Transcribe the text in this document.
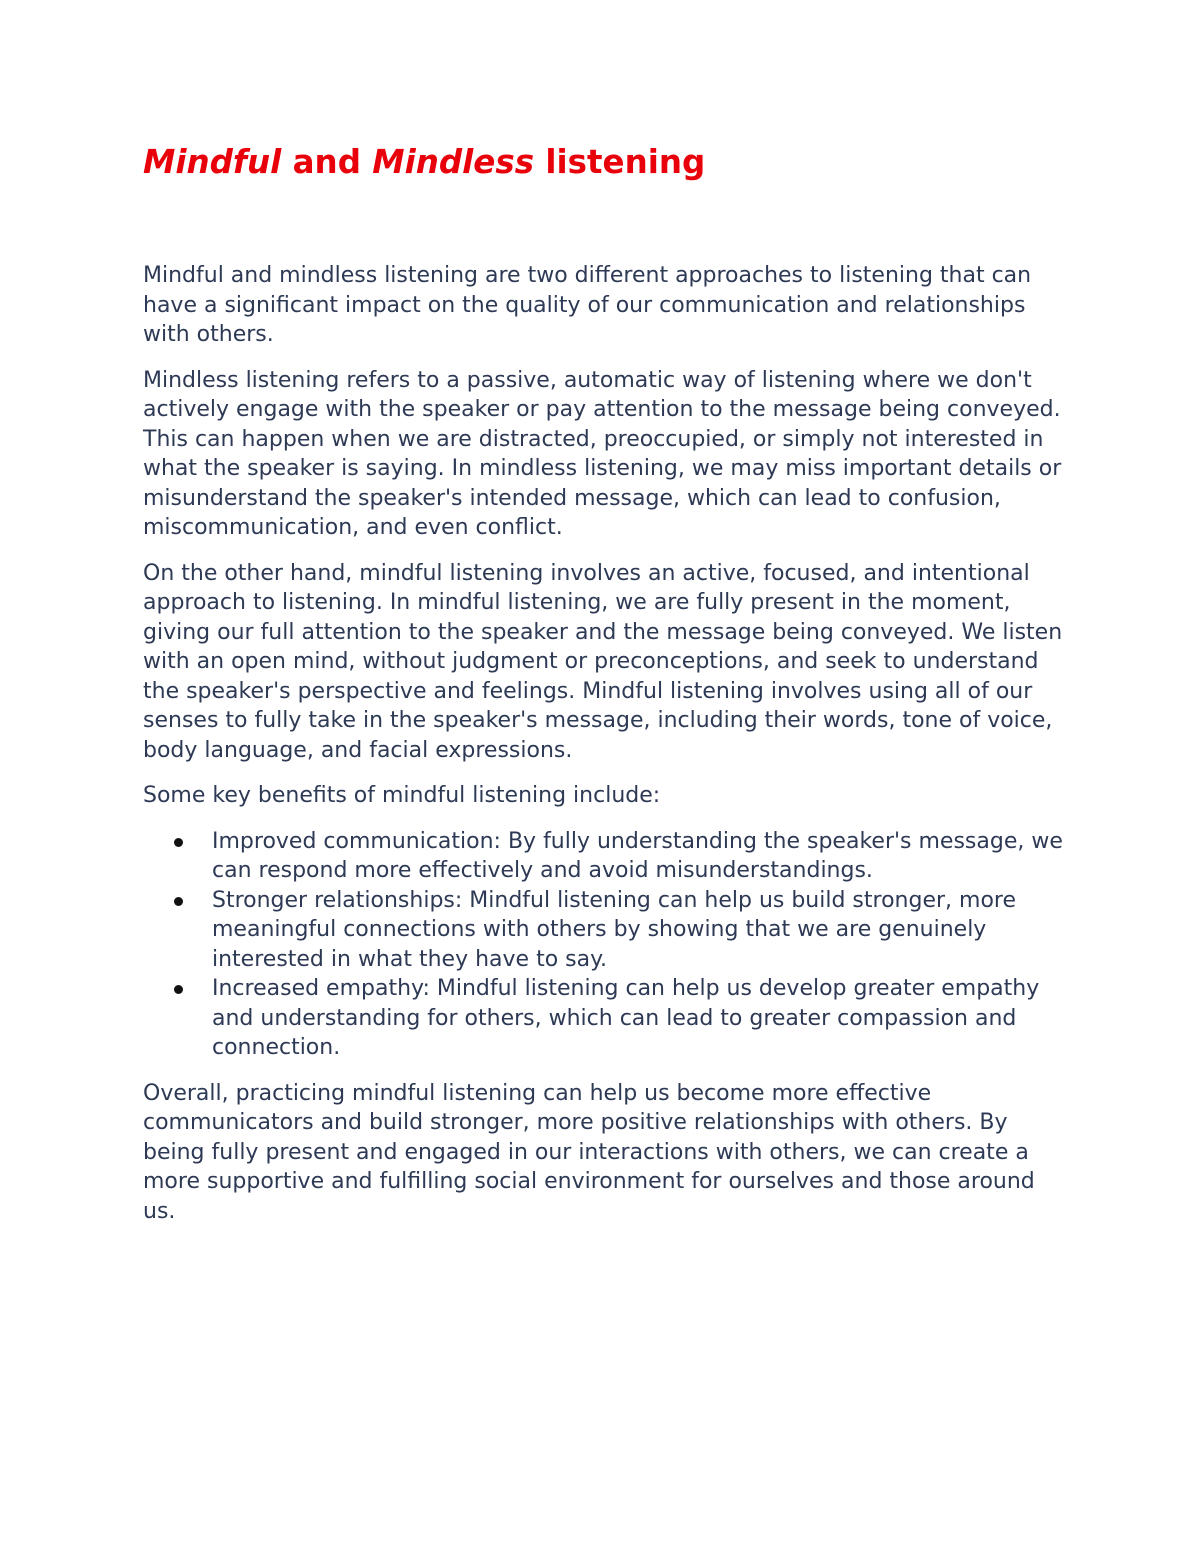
Mindful and Mindless listening

Mindful and mindless listening are two different approaches to listening that can have a significant impact on the quality of our communication and relationships with others.

Mindless listening refers to a passive, automatic way of listening where we don't actively engage with the speaker or pay attention to the message being conveyed. This can happen when we are distracted, preoccupied, or simply not interested in what the speaker is saying. In mindless listening, we may miss important details or misunderstand the speaker's intended message, which can lead to confusion, miscommunication, and even conflict.

On the other hand, mindful listening involves an active, focused, and intentional approach to listening. In mindful listening, we are fully present in the moment, giving our full attention to the speaker and the message being conveyed. We listen with an open mind, without judgment or preconceptions, and seek to understand the speaker's perspective and feelings. Mindful listening involves using all of our senses to fully take in the speaker's message, including their words, tone of voice, body language, and facial expressions.

Some key benefits of mindful listening include:

Improved communication: By fully understanding the speaker's message, we can respond more effectively and avoid misunderstandings.
Stronger relationships: Mindful listening can help us build stronger, more meaningful connections with others by showing that we are genuinely interested in what they have to say.
Increased empathy: Mindful listening can help us develop greater empathy and understanding for others, which can lead to greater compassion and connection.

Overall, practicing mindful listening can help us become more effective communicators and build stronger, more positive relationships with others. By being fully present and engaged in our interactions with others, we can create a more supportive and fulfilling social environment for ourselves and those around us.
